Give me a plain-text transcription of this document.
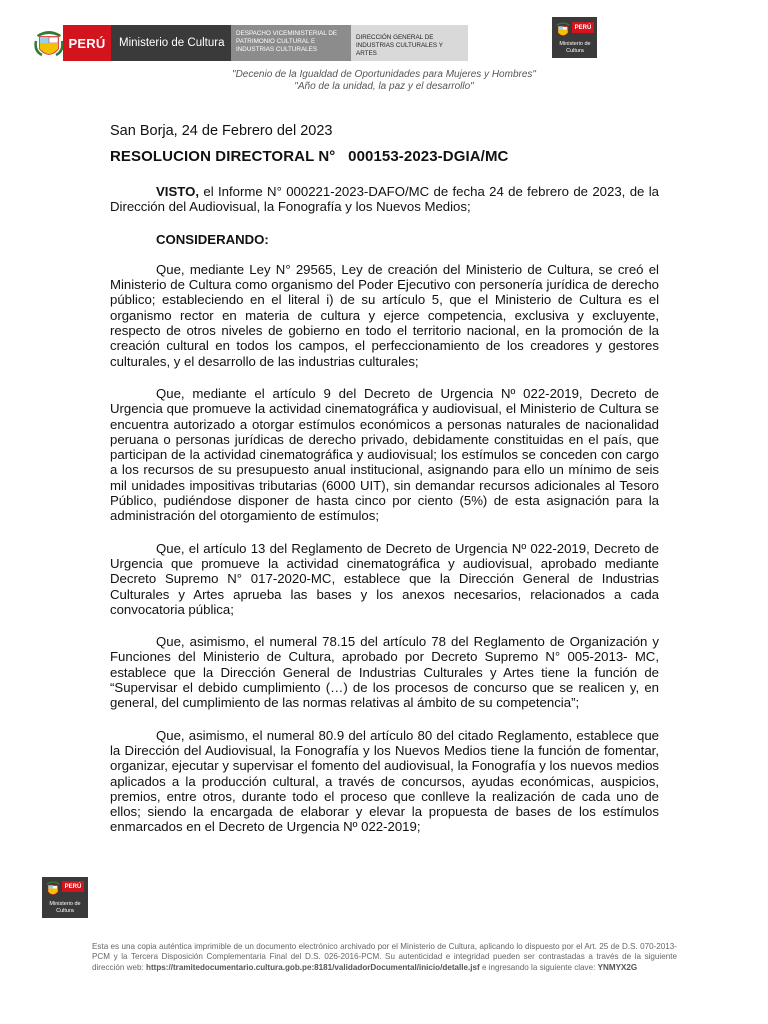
PERÚ	Ministerio de Cultura
DESPACHO VICEMINISTERIAL DE PATRIMONIO CULTURAL E INDUSTRIAS CULTURALES
DIRECCIÓN GENERAL DE INDUSTRIAS CULTURALES Y ARTES
PERÚ
Ministerio de Cultura
"Decenio de la Igualdad de Oportunidades para Mujeres y Hombres"
"Año de la unidad, la paz y el desarrollo"
San Borja, 24 de Febrero del 2023
RESOLUCION DIRECTORAL N°   000153-2023-DGIA/MC

VISTO, el Informe N° 000221-2023-DAFO/MC de fecha 24 de febrero de 2023, de la Dirección del Audiovisual, la Fonografía y los Nuevos Medios;

CONSIDERANDO:

Que, mediante Ley N° 29565, Ley de creación del Ministerio de Cultura, se creó el Ministerio de Cultura como organismo del Poder Ejecutivo con personería jurídica de derecho público; estableciendo en el literal i) de su artículo 5, que el Ministerio de Cultura es el organismo rector en materia de cultura y ejerce competencia, exclusiva y excluyente, respecto de otros niveles de gobierno en todo el territorio nacional, en la promoción de la creación cultural en todos los campos, el perfeccionamiento de los creadores y gestores culturales, y el desarrollo de las industrias culturales;

Que, mediante el artículo 9 del Decreto de Urgencia Nº 022-2019, Decreto de Urgencia que promueve la actividad cinematográfica y audiovisual, el Ministerio de Cultura se encuentra autorizado a otorgar estímulos económicos a personas naturales de nacionalidad peruana o personas jurídicas de derecho privado, debidamente constituidas en el país, que participan de la actividad cinematográfica y audiovisual; los estímulos se conceden con cargo a los recursos de su presupuesto anual institucional, asignando para ello un mínimo de seis mil unidades impositivas tributarias (6000 UIT), sin demandar recursos adicionales al Tesoro Público, pudiéndose disponer de hasta cinco por ciento (5%) de esta asignación para la administración del otorgamiento de estímulos;

Que, el artículo 13 del Reglamento de Decreto de Urgencia Nº 022-2019, Decreto de Urgencia que promueve la actividad cinematográfica y audiovisual, aprobado mediante Decreto Supremo N° 017-2020-MC, establece que la Dirección General de Industrias Culturales y Artes aprueba las bases y los anexos necesarios, relacionados a cada convocatoria pública;

Que, asimismo, el numeral 78.15 del artículo 78 del Reglamento de Organización y Funciones del Ministerio de Cultura, aprobado por Decreto Supremo N° 005-2013- MC, establece que la Dirección General de Industrias Culturales y Artes tiene la función de “Supervisar el debido cumplimiento (…) de los procesos de concurso que se realicen y, en general, del cumplimiento de las normas relativas al ámbito de su competencia”;

Que, asimismo, el numeral 80.9 del artículo 80 del citado Reglamento, establece que la Dirección del Audiovisual, la Fonografía y los Nuevos Medios tiene la función de fomentar, organizar, ejecutar y supervisar el fomento del audiovisual, la Fonografía y los nuevos medios aplicados a la producción cultural, a través de concursos, ayudas económicas, auspicios, premios, entre otros, durante todo el proceso que conlleve la realización de cada uno de ellos; siendo la encargada de elaborar y elevar la propuesta de bases de los estímulos enmarcados en el Decreto de Urgencia Nº 022-2019;

PERÚ
Ministerio de Cultura
Esta es una copia auténtica imprimible de un documento electrónico archivado por el Ministerio de Cultura, aplicando lo dispuesto por el Art. 25 de D.S. 070-2013-PCM y la Tercera Disposición Complementaria Final del D.S. 026-2016-PCM. Su autenticidad e integridad pueden ser contrastadas a través de la siguiente dirección web: https://tramitedocumentario.cultura.gob.pe:8181/validadorDocumental/inicio/detalle.jsf e ingresando la siguiente clave: YNMYX2G
